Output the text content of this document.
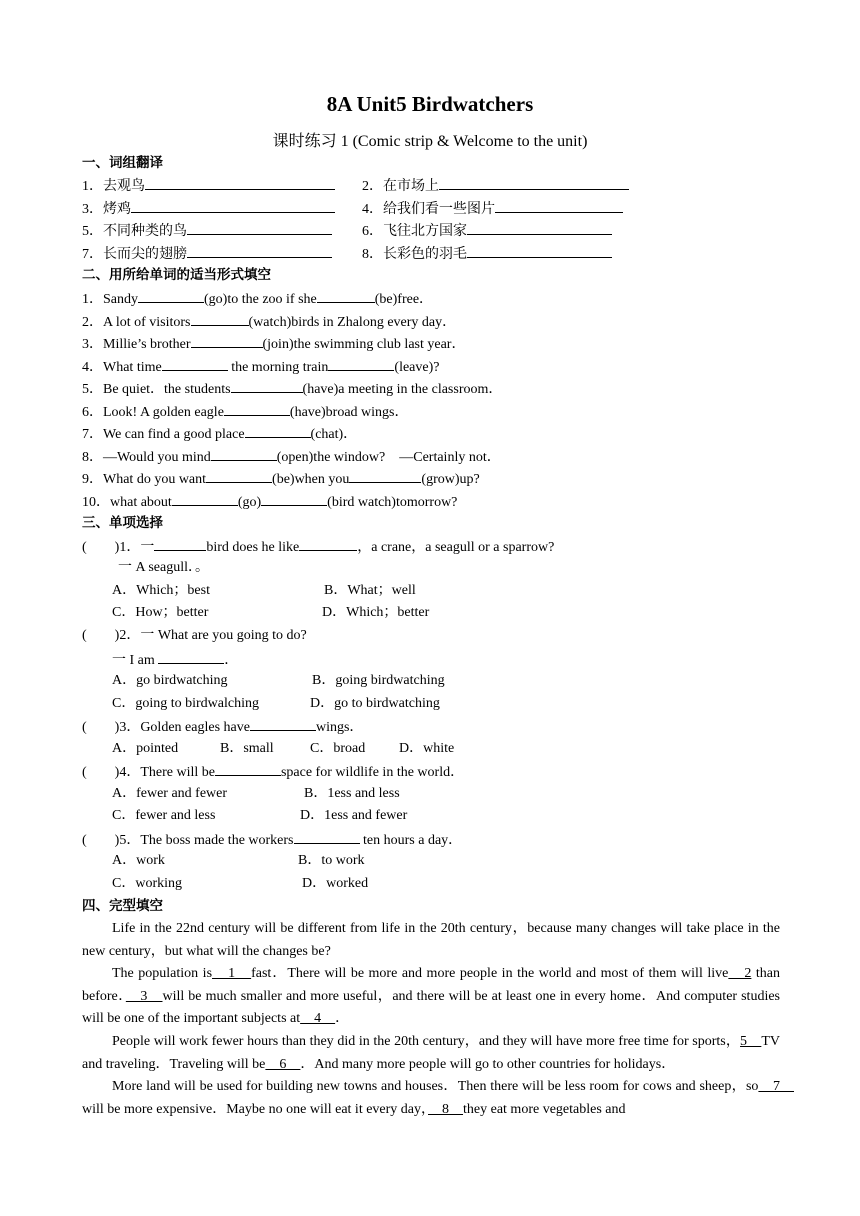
8A Unit5 Birdwatchers
课时练习 1 (Comic strip & Welcome to the unit)
一、词组翻译
1．去观鸟	2．在市场上
3．烤鸡	4．给我们看一些图片
5．不同种类的鸟	6．飞往北方国家
7．长而尖的翅膀	8．长彩色的羽毛
二、用所给单词的适当形式填空
1．Sandy	(go)to the zoo if she	(be)free．
2．A lot of visitors	(watch)birds in Zhalong every day．
3．Millie’s brother	(join)the swimming club last year．
4．What time	the morning train	(leave)?
5．Be quiet．the students	(have)a meeting in the classroom．
6．Look! A golden eagle	(have)broad wings．
7．We can find a good place	(chat)．
8．—Would you mind	(open)the window?　—Certainly not．
9．What do you want	(be)when you	(grow)up?
10．what about	(go)	(bird watch)tomorrow?
三、单项选择
(　　)1．一	bird does he like	，a crane，a seagull or a sparrow?
一 A seagull．。
A．Which；best	B．What；well
C．How；better	D．Which；better
(　　)2．一 What are you going to do?
一 I am	．
A．go birdwatching	B．going birdwatching
C．going to birdwalching	D．go to birdwatching
(　　)3．Golden eagles have	wings．
A．pointed	B．small	C．broad D．white
(　　)4．There will be	space for wildlife in the world．
A．fewer and fewer	B．1ess and less
C．fewer and less	D．1ess and fewer
(　　)5．The boss made the workers	ten hours a day．
A．work	B．to work
C．working	D．worked
四、完型填空
Life in the 22nd century will be different from life in the 20th century，because many changes will take place in the new century，but what will the changes be?
The population is　1　fast．There will be more and more people in the world and most of them will live　2 than before．　3　will be much smaller and more useful，and there will be at least one in every home．And computer studies will be one of the important subjects at　4　．
People will work fewer hours than they did in the 20th century，and they will have more free time for sports，5　TV and traveling．Traveling will be　6　．And many more people will go to other countries for holidays．
More land will be used for building new towns and houses．Then there will be less room for cows and sheep，so　7　will be more expensive．Maybe no one will eat it every day，　8　they eat more vegetables and
